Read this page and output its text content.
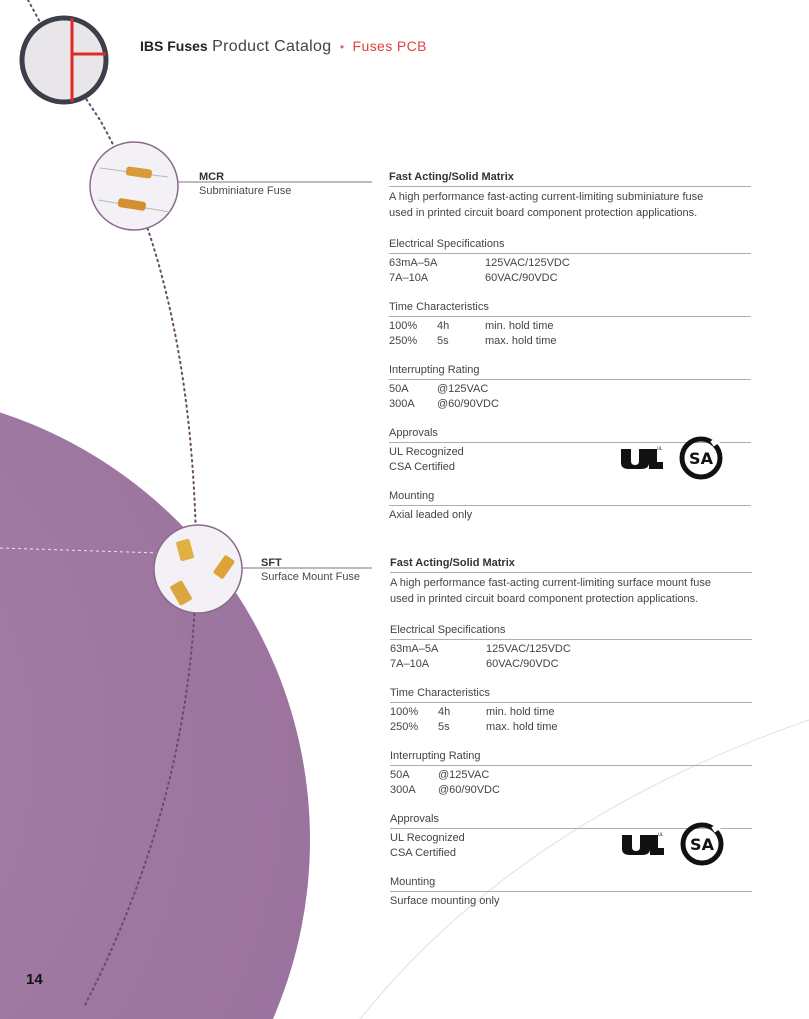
IBS Fuses Product Catalog • Fuses PCB
MCR
Subminiature Fuse
Fast Acting/Solid Matrix
A high performance fast-acting current-limiting subminiature fuse
used in printed circuit board component protection applications.
Electrical Specifications
63mA–5A	125VAC/125VDC
7A–10A	60VAC/90VDC
Time Characteristics
100%	4h	min. hold time
250%	5s	max. hold time
Interrupting Rating
50A	@125VAC
300A	@60/90VDC
Approvals
UL Recognized
CSA Certified
UL
SA
Mounting
Axial leaded only
SFT
Surface Mount Fuse
Fast Acting/Solid Matrix
A high performance fast-acting current-limiting surface mount fuse
used in printed circuit board component protection applications.
Electrical Specifications
63mA–5A	125VAC/125VDC
7A–10A	60VAC/90VDC
Time Characteristics
100%	4h	min. hold time
250%	5s	max. hold time
Interrupting Rating
50A	@125VAC
300A	@60/90VDC
Approvals
UL Recognized
CSA Certified
UL
SA
Mounting
Surface mounting only
14
